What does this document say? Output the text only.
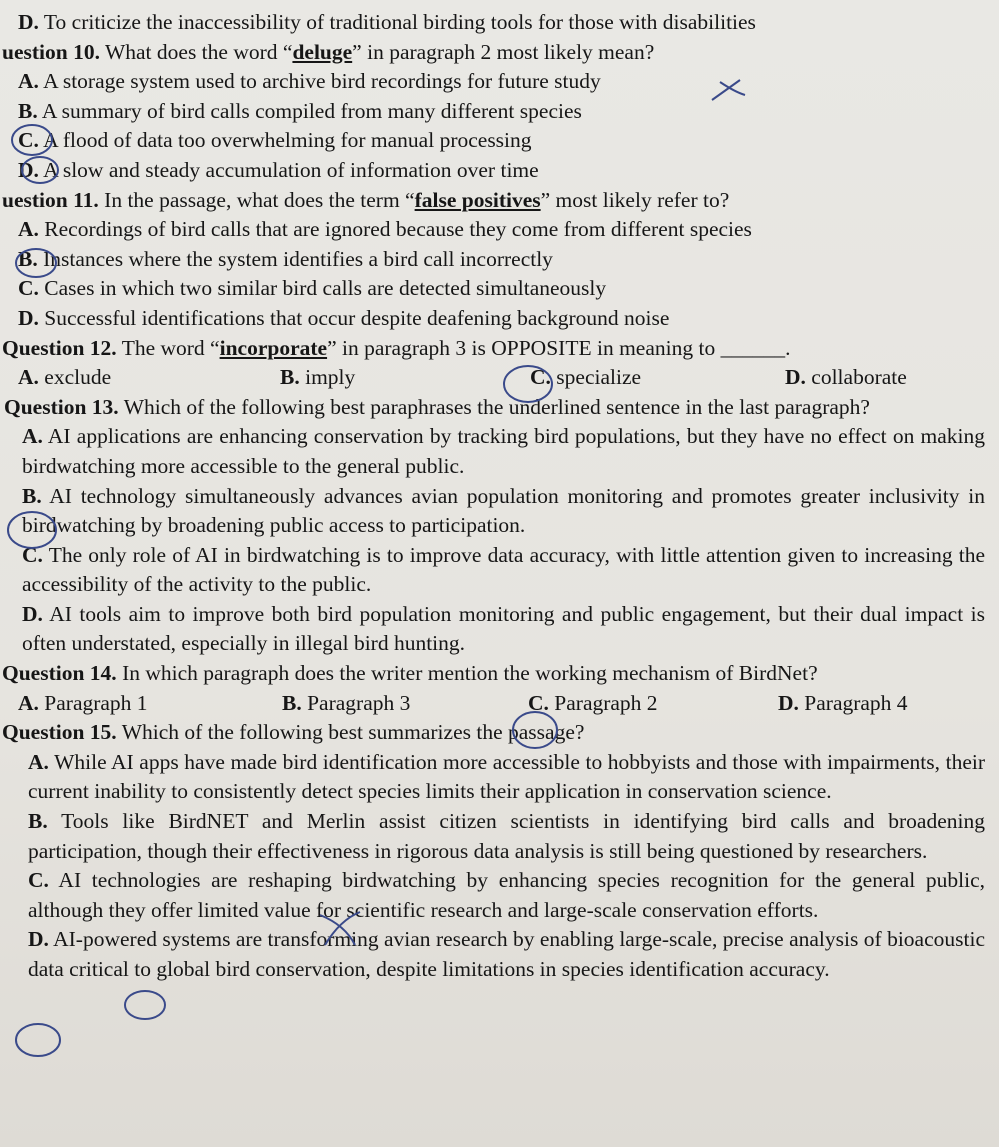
D. To criticize the inaccessibility of traditional birding tools for those with disabilities
uestion 10. What does the word “deluge” in paragraph 2 most likely mean?
A. A storage system used to archive bird recordings for future study
B. A summary of bird calls compiled from many different species
C. A flood of data too overwhelming for manual processing
D. A slow and steady accumulation of information over time
uestion 11. In the passage, what does the term “false positives” most likely refer to?
A. Recordings of bird calls that are ignored because they come from different species
B. Instances where the system identifies a bird call incorrectly
C. Cases in which two similar bird calls are detected simultaneously
D. Successful identifications that occur despite deafening background noise
Question 12. The word “incorporate” in paragraph 3 is OPPOSITE in meaning to ______.
A. exclude	B. imply	C. specialize	D. collaborate
Question 13. Which of the following best paraphrases the underlined sentence in the last paragraph?
A. AI applications are enhancing conservation by tracking bird populations, but they have no effect on making birdwatching more accessible to the general public.
B. AI technology simultaneously advances avian population monitoring and promotes greater inclusivity in birdwatching by broadening public access to participation.
C. The only role of AI in birdwatching is to improve data accuracy, with little attention given to increasing the accessibility of the activity to the public.
D. AI tools aim to improve both bird population monitoring and public engagement, but their dual impact is often understated, especially in illegal bird hunting.
Question 14. In which paragraph does the writer mention the working mechanism of BirdNet?
A. Paragraph 1	B. Paragraph 3	C. Paragraph 2	D. Paragraph 4
Question 15. Which of the following best summarizes the passage?
A. While AI apps have made bird identification more accessible to hobbyists and those with impairments, their current inability to consistently detect species limits their application in conservation science.
B. Tools like BirdNET and Merlin assist citizen scientists in identifying bird calls and broadening participation, though their effectiveness in rigorous data analysis is still being questioned by researchers.
C. AI technologies are reshaping birdwatching by enhancing species recognition for the general public, although they offer limited value for scientific research and large-scale conservation efforts.
D. AI-powered systems are transforming avian research by enabling large-scale, precise analysis of bioacoustic data critical to global bird conservation, despite limitations in species identification accuracy.
